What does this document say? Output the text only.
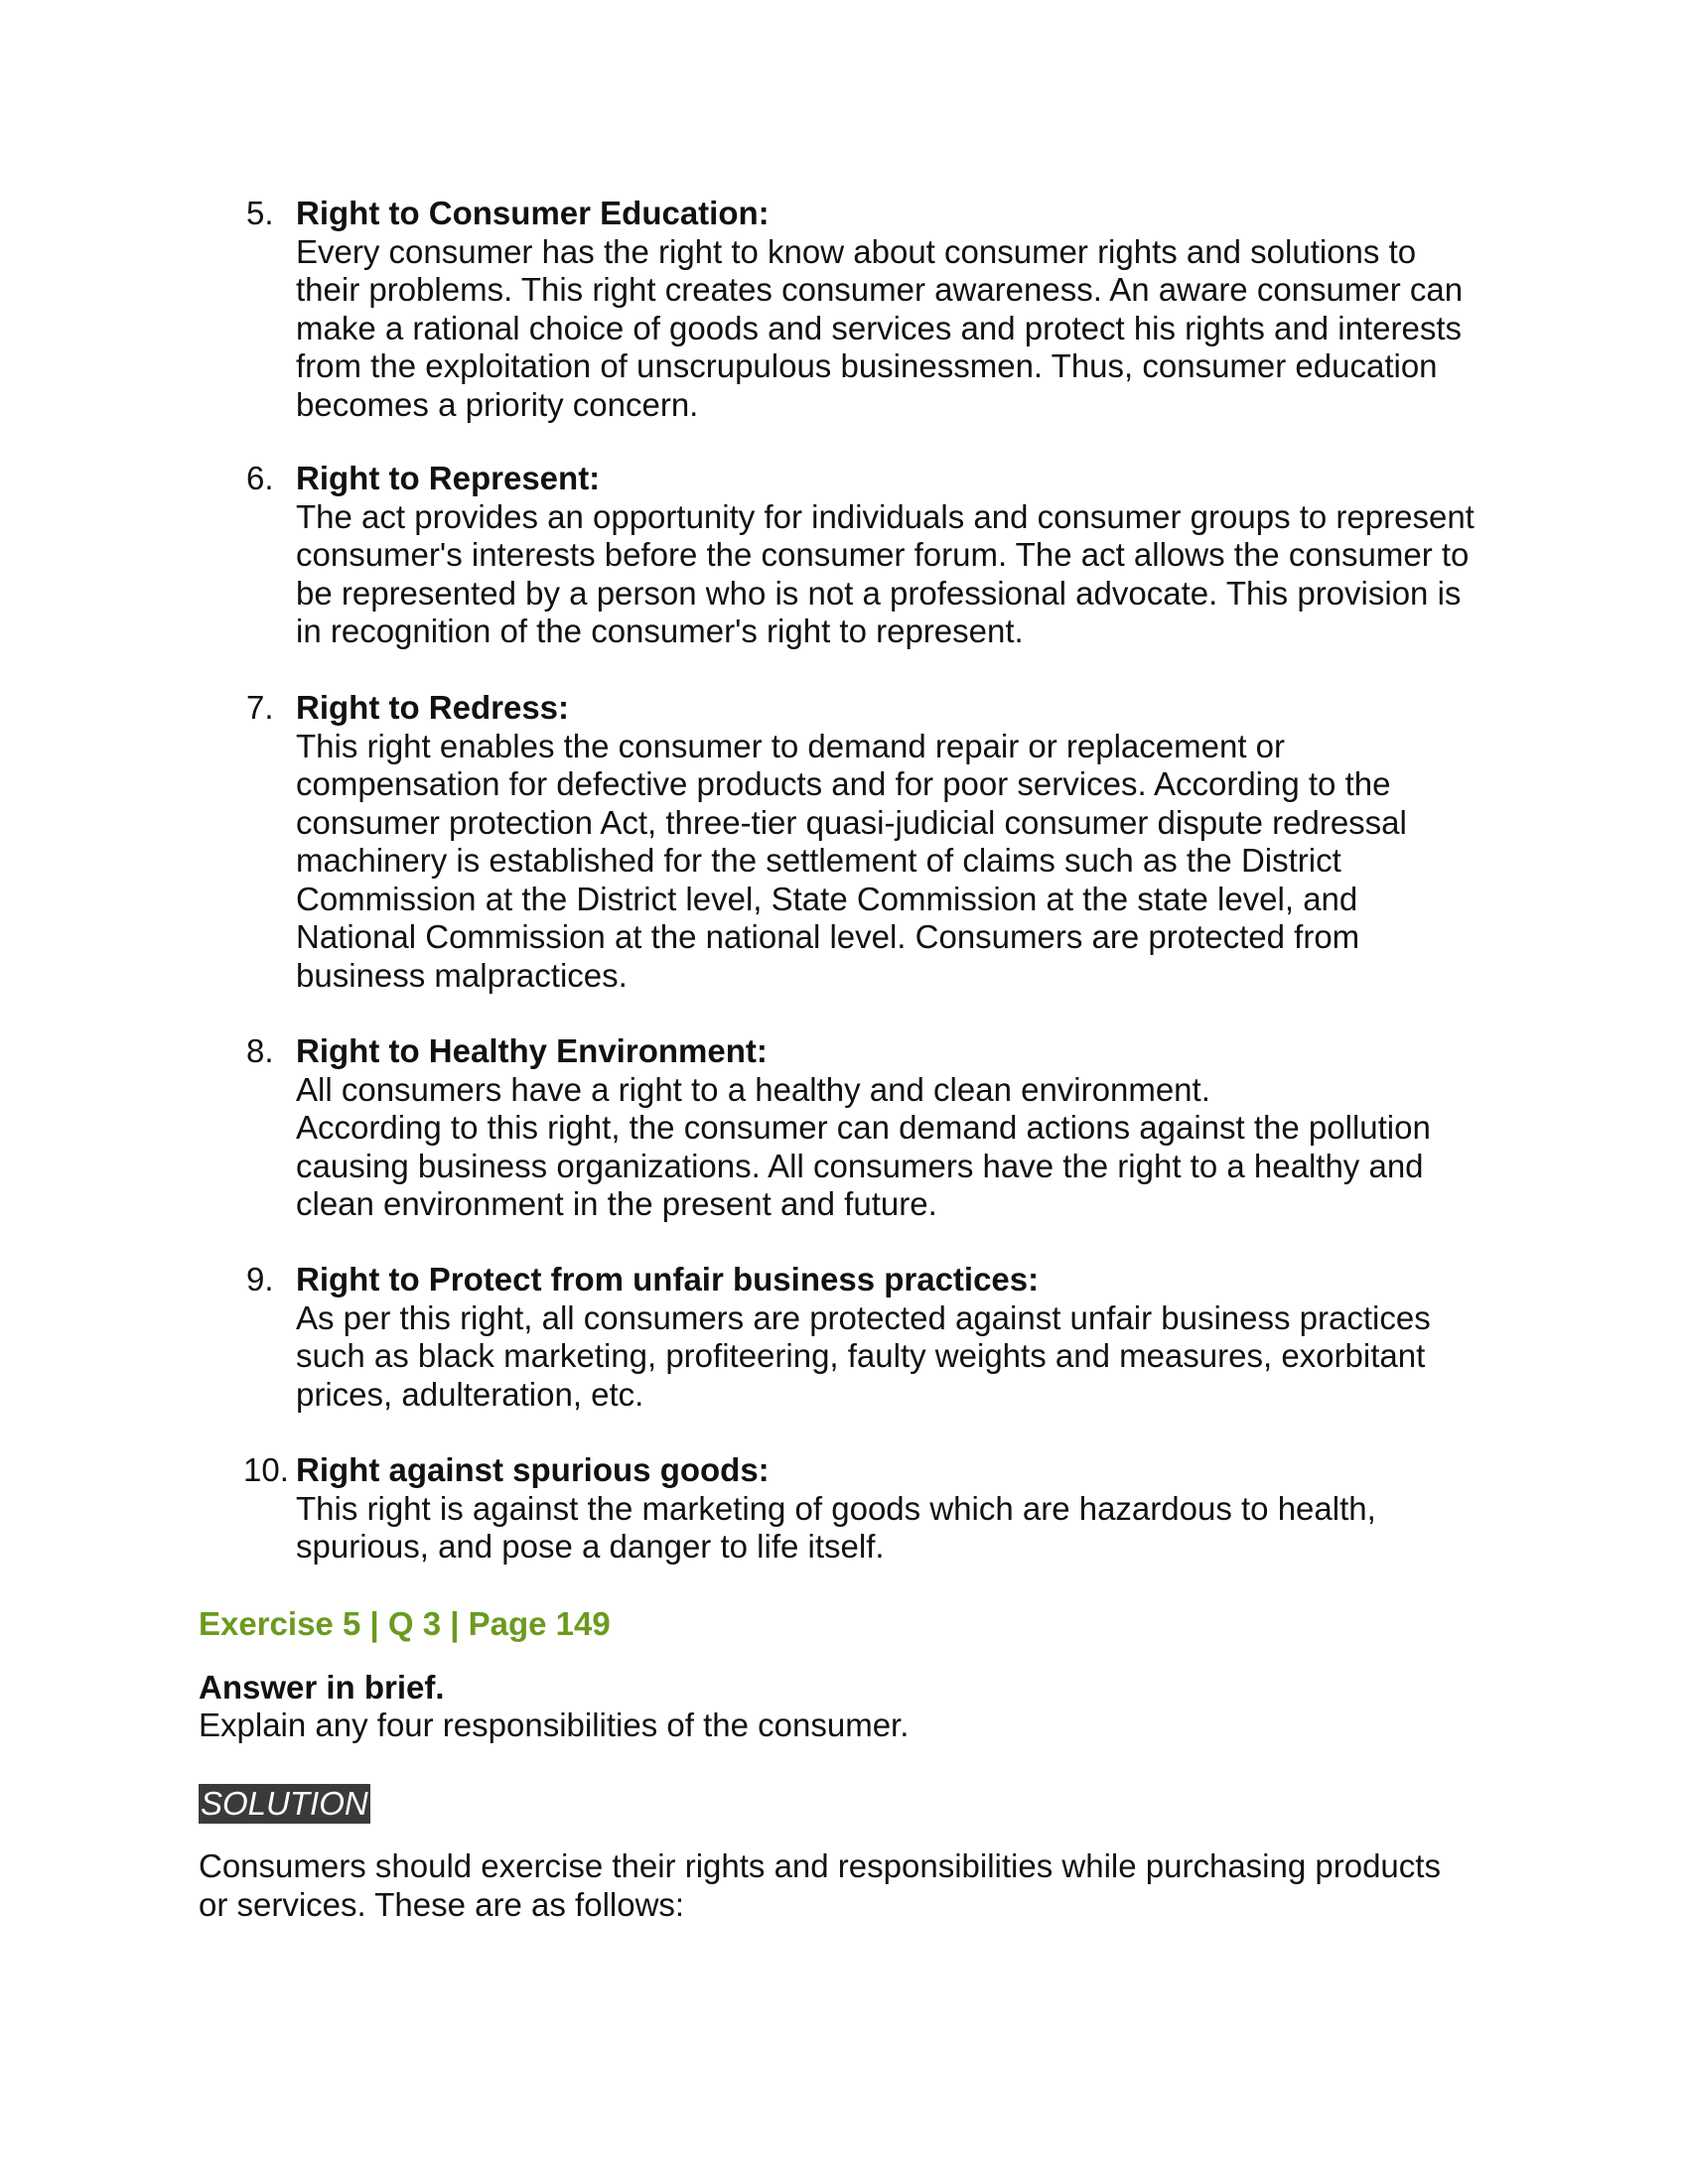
5. Right to Consumer Education:
Every consumer has the right to know about consumer rights and solutions to
their problems. This right creates consumer awareness. An aware consumer can
make a rational choice of goods and services and protect his rights and interests
from the exploitation of unscrupulous businessmen. Thus, consumer education
becomes a priority concern.
6. Right to Represent:
The act provides an opportunity for individuals and consumer groups to represent
consumer's interests before the consumer forum. The act allows the consumer to
be represented by a person who is not a professional advocate. This provision is
in recognition of the consumer's right to represent.
7. Right to Redress:
This right enables the consumer to demand repair or replacement or
compensation for defective products and for poor services. According to the
consumer protection Act, three-tier quasi-judicial consumer dispute redressal
machinery is established for the settlement of claims such as the District
Commission at the District level, State Commission at the state level, and
National Commission at the national level. Consumers are protected from
business malpractices.
8. Right to Healthy Environment:
All consumers have a right to a healthy and clean environment.
According to this right, the consumer can demand actions against the pollution
causing business organizations. All consumers have the right to a healthy and
clean environment in the present and future.
9. Right to Protect from unfair business practices:
As per this right, all consumers are protected against unfair business practices
such as black marketing, profiteering, faulty weights and measures, exorbitant
prices, adulteration, etc.
10. Right against spurious goods:
This right is against the marketing of goods which are hazardous to health,
spurious, and pose a danger to life itself.
Exercise 5 | Q 3 | Page 149
Answer in brief.
Explain any four responsibilities of the consumer.
SOLUTION
Consumers should exercise their rights and responsibilities while purchasing products
or services. These are as follows:
